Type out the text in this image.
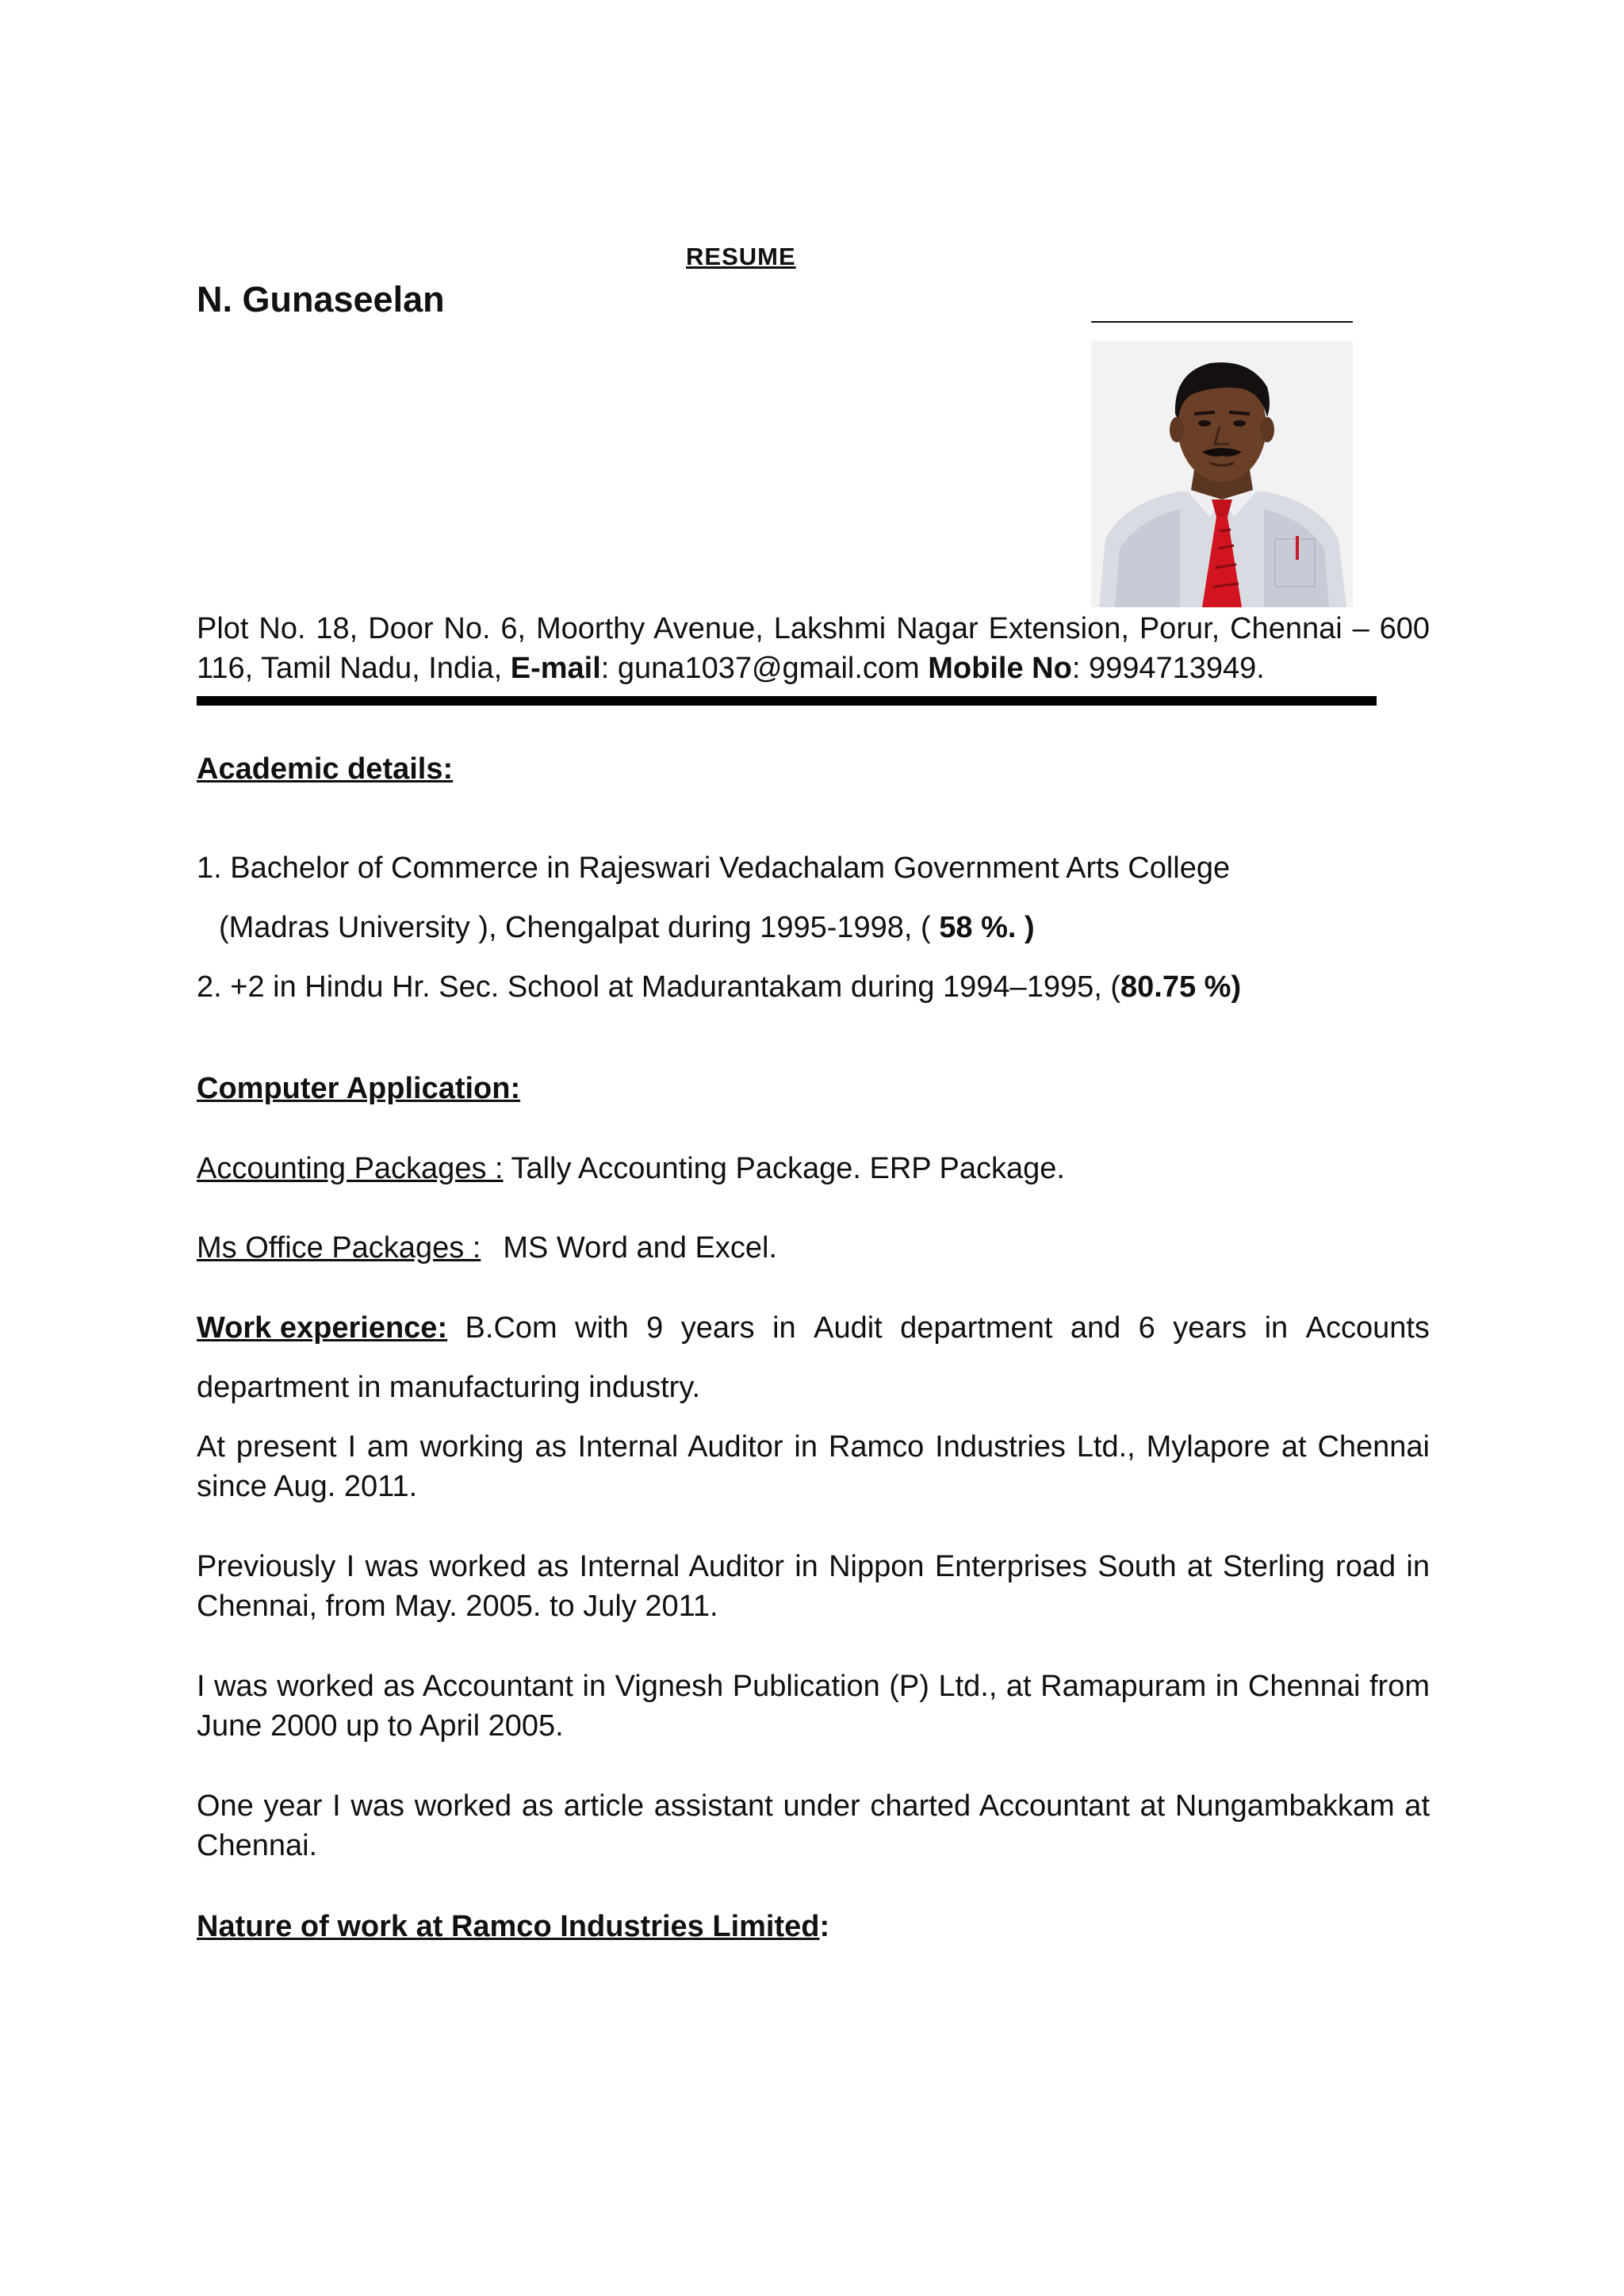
RESUME
N. Gunaseelan
Plot No. 18, Door No. 6, Moorthy Avenue, Lakshmi Nagar Extension, Porur, Chennai – 600 116, Tamil Nadu, India, E-mail: guna1037@gmail.com Mobile No: 9994713949.
Academic details:
1. Bachelor of Commerce in Rajeswari Vedachalam Government Arts College
(Madras University ), Chengalpat during 1995-1998, ( 58 %. )
2. +2 in Hindu Hr. Sec. School at Madurantakam during 1994–1995, (80.75 %)
Computer Application:
Accounting Packages : Tally Accounting Package. ERP Package.
Ms Office Packages : MS Word and Excel.
Work experience: B.Com with 9 years in Audit department and 6 years in Accounts
department in manufacturing industry.
At present I am working as Internal Auditor in Ramco Industries Ltd., Mylapore at Chennai since Aug. 2011.
Previously I was worked as Internal Auditor in Nippon Enterprises South at Sterling road in Chennai, from May. 2005. to July 2011.
I was worked as Accountant in Vignesh Publication (P) Ltd., at Ramapuram in Chennai from June 2000 up to April 2005.
One year I was worked as article assistant under charted Accountant at Nungambakkam at Chennai.
Nature of work at Ramco Industries Limited:
